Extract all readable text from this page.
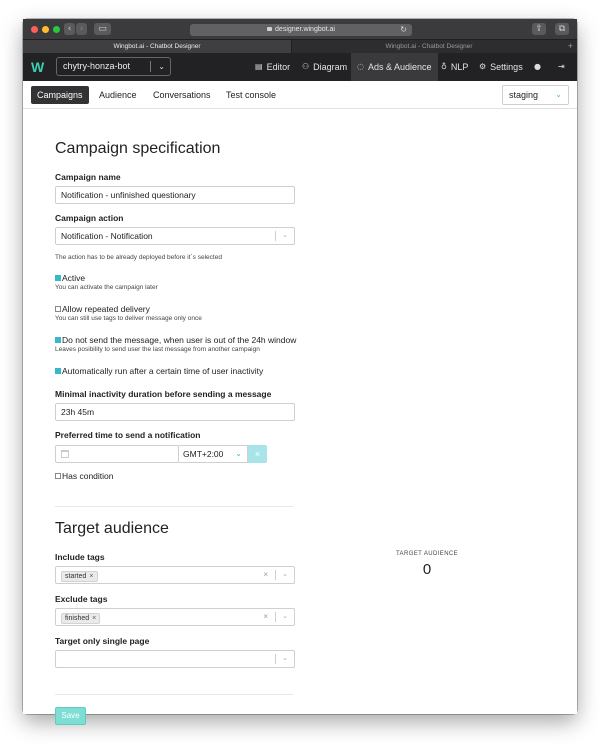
‹ ›	▭	designer.wingbot.ai	↻	⇪	⧉
Wingbot.ai - Chatbot Designer	Wingbot.ai - Chatbot Designer	+
W	chytry-honza-bot	⌄	▤ Editor ⚇ Diagram ◌ Ads & Audience ♁ NLP ⚙ Settings ● ⇥
Campaigns	Audience	Conversations	Test console	staging ⌄
Campaign specification
Campaign name
Notification - unfinished questionary
Campaign action
Notification - Notification	⌄
The action has to be already deployed before it´s selected
Active
You can activate the campaign later
Allow repeated delivery
You can still use tags to deliver message only once
Do not send the message, when user is out of the 24h window
Leaves posibility to send user the last message from another campaign
Automatically run after a certain time of user inactivity
Minimal inactivity duration before sending a message
23h 45m
Preferred time to send a notification
GMT+2:00 ⌄	×
Has condition
Target audience
Include tags
started ×	× ⌄
Exclude tags
finished ×	× ⌄
Target only single page
⌄
TARGET AUDIENCE
0
Save
